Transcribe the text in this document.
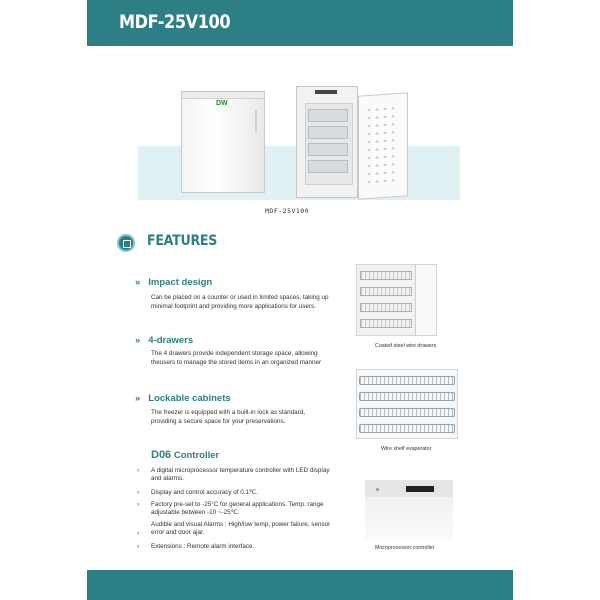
MDF-25V100
DW
MDF-25V100
FEATURES
» Impact design
Can be placed on a counter or used in limited spaces, taking up minimal footprint and providing more applications for users.
» 4-drawers
The 4 drawers provide independent storage space, allowing theusers to manage the stored items in an organized manner
» Lockable cabinets
The freezer is equipped with a built-in lock as standard, providing a secure space for your preservations.
D06 Controller
› A digital microprocessor temperature controller with LED display and alarms.
› Display and control accuracy of 0.1℃.
› Factory pre-set to -25°C for general applications. Temp. range adjustable between -10 ~-25℃.
›
Audible and visual Alarms : High/low temp, power failure, sensor error and door ajar.
› Extensions : Remote alarm interface.
Coated steel wire drawers
Wire shelf evaperator
Microprocessor controller
